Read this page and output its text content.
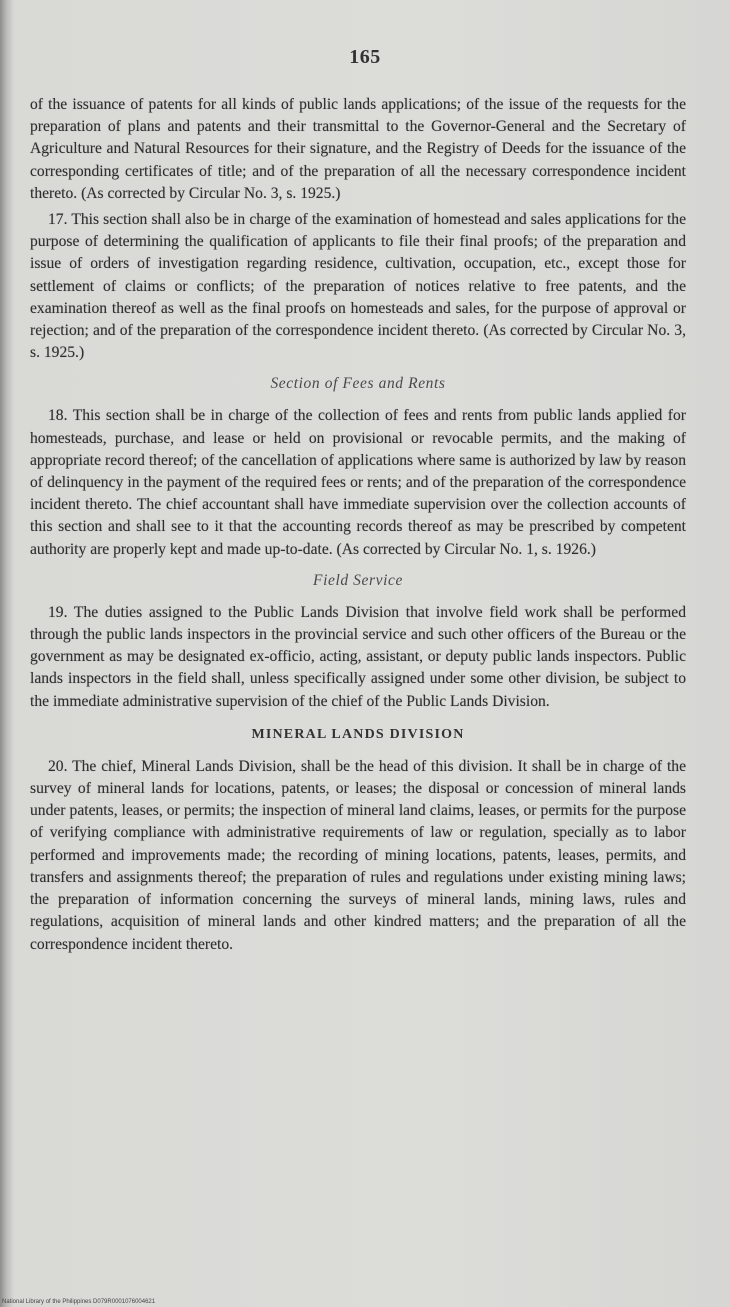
165

of the issuance of patents for all kinds of public lands applications; of the issue of the requests for the preparation of plans and patents and their transmittal to the Governor-General and the Secretary of Agriculture and Natural Resources for their signature, and the Registry of Deeds for the issuance of the corresponding certificates of title; and of the preparation of all the necessary correspondence incident thereto. (As corrected by Circular No. 3, s. 1925.)

17. This section shall also be in charge of the examination of homestead and sales applications for the purpose of determining the qualification of applicants to file their final proofs; of the preparation and issue of orders of investigation regarding residence, cultivation, occupation, etc., except those for settlement of claims or conflicts; of the preparation of notices relative to free patents, and the examination thereof as well as the final proofs on homesteads and sales, for the purpose of approval or rejection; and of the preparation of the correspondence incident thereto. (As corrected by Circular No. 3, s. 1925.)

Section of Fees and Rents

18. This section shall be in charge of the collection of fees and rents from public lands applied for homesteads, purchase, and lease or held on provisional or revocable permits, and the making of appropriate record thereof; of the cancellation of applications where same is authorized by law by reason of delinquency in the payment of the required fees or rents; and of the preparation of the correspondence incident thereto. The chief accountant shall have immediate supervision over the collection accounts of this section and shall see to it that the accounting records thereof as may be prescribed by competent authority are properly kept and made up-to-date. (As corrected by Circular No. 1, s. 1926.)

Field Service

19. The duties assigned to the Public Lands Division that involve field work shall be performed through the public lands inspectors in the provincial service and such other officers of the Bureau or the government as may be designated ex-officio, acting, assistant, or deputy public lands inspectors. Public lands inspectors in the field shall, unless specifically assigned under some other division, be subject to the immediate administrative supervision of the chief of the Public Lands Division.

MINERAL LANDS DIVISION

20. The chief, Mineral Lands Division, shall be the head of this division. It shall be in charge of the survey of mineral lands for locations, patents, or leases; the disposal or concession of mineral lands under patents, leases, or permits; the inspection of mineral land claims, leases, or permits for the purpose of verifying compliance with administrative requirements of law or regulation, specially as to labor performed and improvements made; the recording of mining locations, patents, leases, permits, and transfers and assignments thereof; the preparation of rules and regulations under existing mining laws; the preparation of information concerning the surveys of mineral lands, mining laws, rules and regulations, acquisition of mineral lands and other kindred matters; and the preparation of all the correspondence incident thereto.

National Library of the Philippines D079R0001076004621
